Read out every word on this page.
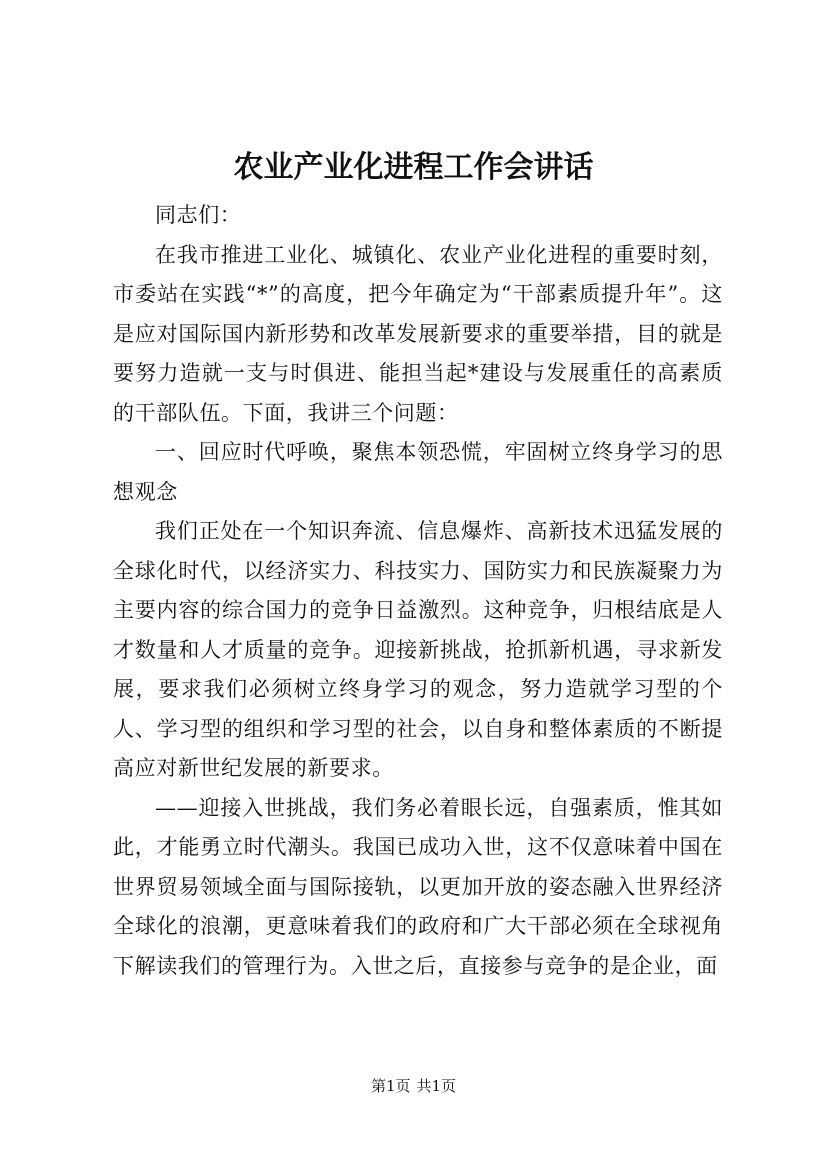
农业产业化进程工作会讲话

同志们：

在我市推进工业化、城镇化、农业产业化进程的重要时刻，市委站在实践“*”的高度，把今年确定为“干部素质提升年”。这是应对国际国内新形势和改革发展新要求的重要举措，目的就是要努力造就一支与时俱进、能担当起*建设与发展重任的高素质的干部队伍。下面，我讲三个问题：

一、回应时代呼唤，聚焦本领恐慌，牢固树立终身学习的思想观念

我们正处在一个知识奔流、信息爆炸、高新技术迅猛发展的全球化时代，以经济实力、科技实力、国防实力和民族凝聚力为主要内容的综合国力的竞争日益激烈。这种竞争，归根结底是人才数量和人才质量的竞争。迎接新挑战，抢抓新机遇，寻求新发展，要求我们必须树立终身学习的观念，努力造就学习型的个人、学习型的组织和学习型的社会，以自身和整体素质的不断提高应对新世纪发展的新要求。

——迎接入世挑战，我们务必着眼长远，自强素质，惟其如此，才能勇立时代潮头。我国已成功入世，这不仅意味着中国在世界贸易领域全面与国际接轨，以更加开放的姿态融入世界经济全球化的浪潮，更意味着我们的政府和广大干部必须在全球视角下解读我们的管理行为。入世之后，直接参与竞争的是企业，面

第1页 共1页
